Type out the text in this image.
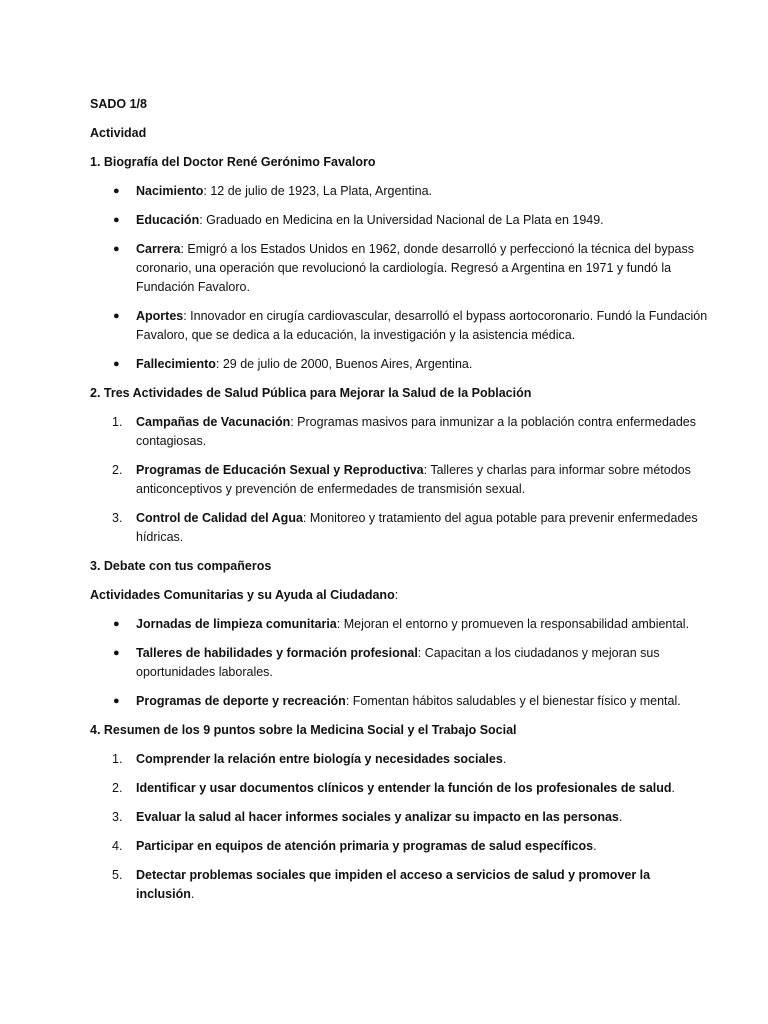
SADO 1/8

Actividad

1. Biografía del Doctor René Gerónimo Favaloro

● Nacimiento: 12 de julio de 1923, La Plata, Argentina.
● Educación: Graduado en Medicina en la Universidad Nacional de La Plata en 1949.
● Carrera: Emigró a los Estados Unidos en 1962, donde desarrolló y perfeccionó la técnica del bypass coronario, una operación que revolucionó la cardiología. Regresó a Argentina en 1971 y fundó la Fundación Favaloro.
● Aportes: Innovador en cirugía cardiovascular, desarrolló el bypass aortocoronario. Fundó la Fundación Favaloro, que se dedica a la educación, la investigación y la asistencia médica.
● Fallecimiento: 29 de julio de 2000, Buenos Aires, Argentina.

2. Tres Actividades de Salud Pública para Mejorar la Salud de la Población

1. Campañas de Vacunación: Programas masivos para inmunizar a la población contra enfermedades contagiosas.
2. Programas de Educación Sexual y Reproductiva: Talleres y charlas para informar sobre métodos anticonceptivos y prevención de enfermedades de transmisión sexual.
3. Control de Calidad del Agua: Monitoreo y tratamiento del agua potable para prevenir enfermedades hídricas.

3. Debate con tus compañeros

Actividades Comunitarias y su Ayuda al Ciudadano:

● Jornadas de limpieza comunitaria: Mejoran el entorno y promueven la responsabilidad ambiental.
● Talleres de habilidades y formación profesional: Capacitan a los ciudadanos y mejoran sus oportunidades laborales.
● Programas de deporte y recreación: Fomentan hábitos saludables y el bienestar físico y mental.

4. Resumen de los 9 puntos sobre la Medicina Social y el Trabajo Social

1. Comprender la relación entre biología y necesidades sociales.
2. Identificar y usar documentos clínicos y entender la función de los profesionales de salud.
3. Evaluar la salud al hacer informes sociales y analizar su impacto en las personas.
4. Participar en equipos de atención primaria y programas de salud específicos.
5. Detectar problemas sociales que impiden el acceso a servicios de salud y promover la inclusión.
